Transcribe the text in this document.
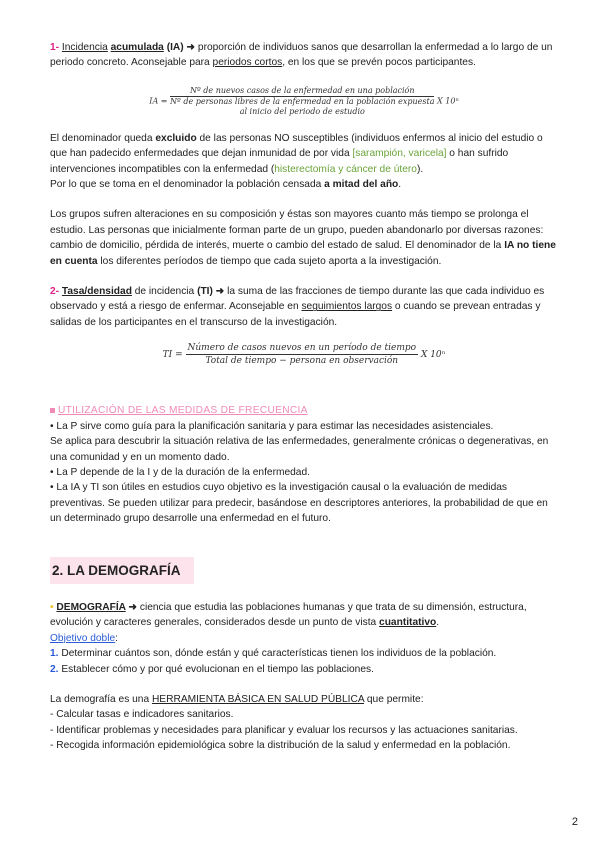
1- Incidencia acumulada (IA) ➜ proporción de individuos sanos que desarrollan la enfermedad a lo largo de un periodo concreto. Aconsejable para periodos cortos, en los que se prevén pocos participantes.

IA =
Nº de nuevos casos de la enfermedad en una población
Nº de personas libres de la enfermedad en la población expuesta
al inicio del periodo de estudio
X 10ⁿ

El denominador queda excluido de las personas NO susceptibles (individuos enfermos al inicio del estudio o que han padecido enfermedades que dejan inmunidad de por vida [sarampión, varicela] o han sufrido intervenciones incompatibles con la enfermedad (histerectomía y cáncer de útero).
Por lo que se toma en el denominador la población censada a mitad del año.

Los grupos sufren alteraciones en su composición y éstas son mayores cuanto más tiempo se prolonga el estudio. Las personas que inicialmente forman parte de un grupo, pueden abandonarlo por diversas razones: cambio de domicilio, pérdida de interés, muerte o cambio del estado de salud. El denominador de la IA no tiene en cuenta los diferentes períodos de tiempo que cada sujeto aporta a la investigación.

2- Tasa/densidad de incidencia (TI) ➜ la suma de las fracciones de tiempo durante las que cada individuo es observado y está a riesgo de enfermar. Aconsejable en seguimientos largos o cuando se prevean entradas y salidas de los participantes en el transcurso de la investigación.

TI = $\frac{\text{Número de casos nuevos en un período de tiempo}}{\text{Total de tiempo − persona en observación}}$ X 10ⁿ

UTILIZACIÓN DE LAS MEDIDAS DE FRECUENCIA
• La P sirve como guía para la planificación sanitaria y para estimar las necesidades asistenciales.
Se aplica para descubrir la situación relativa de las enfermedades, generalmente crónicas o degenerativas, en una comunidad y en un momento dado.
• La P depende de la I y de la duración de la enfermedad.
• La IA y TI son útiles en estudios cuyo objetivo es la investigación causal o la evaluación de medidas preventivas. Se pueden utilizar para predecir, basándose en descriptores anteriores, la probabilidad de que en un determinado grupo desarrolle una enfermedad en el futuro.

2. LA DEMOGRAFÍA

• DEMOGRAFÍA ➜ ciencia que estudia las poblaciones humanas y que trata de su dimensión, estructura, evolución y caracteres generales, considerados desde un punto de vista cuantitativo.
Objetivo doble:
1. Determinar cuántos son, dónde están y qué características tienen los individuos de la población.
2. Establecer cómo y por qué evolucionan en el tiempo las poblaciones.

La demografía es una HERRAMIENTA BÁSICA EN SALUD PÚBLICA que permite:
- Calcular tasas e indicadores sanitarios.
- Identificar problemas y necesidades para planificar y evaluar los recursos y las actuaciones sanitarias.
- Recogida información epidemiológica sobre la distribución de la salud y enfermedad en la población.

2
